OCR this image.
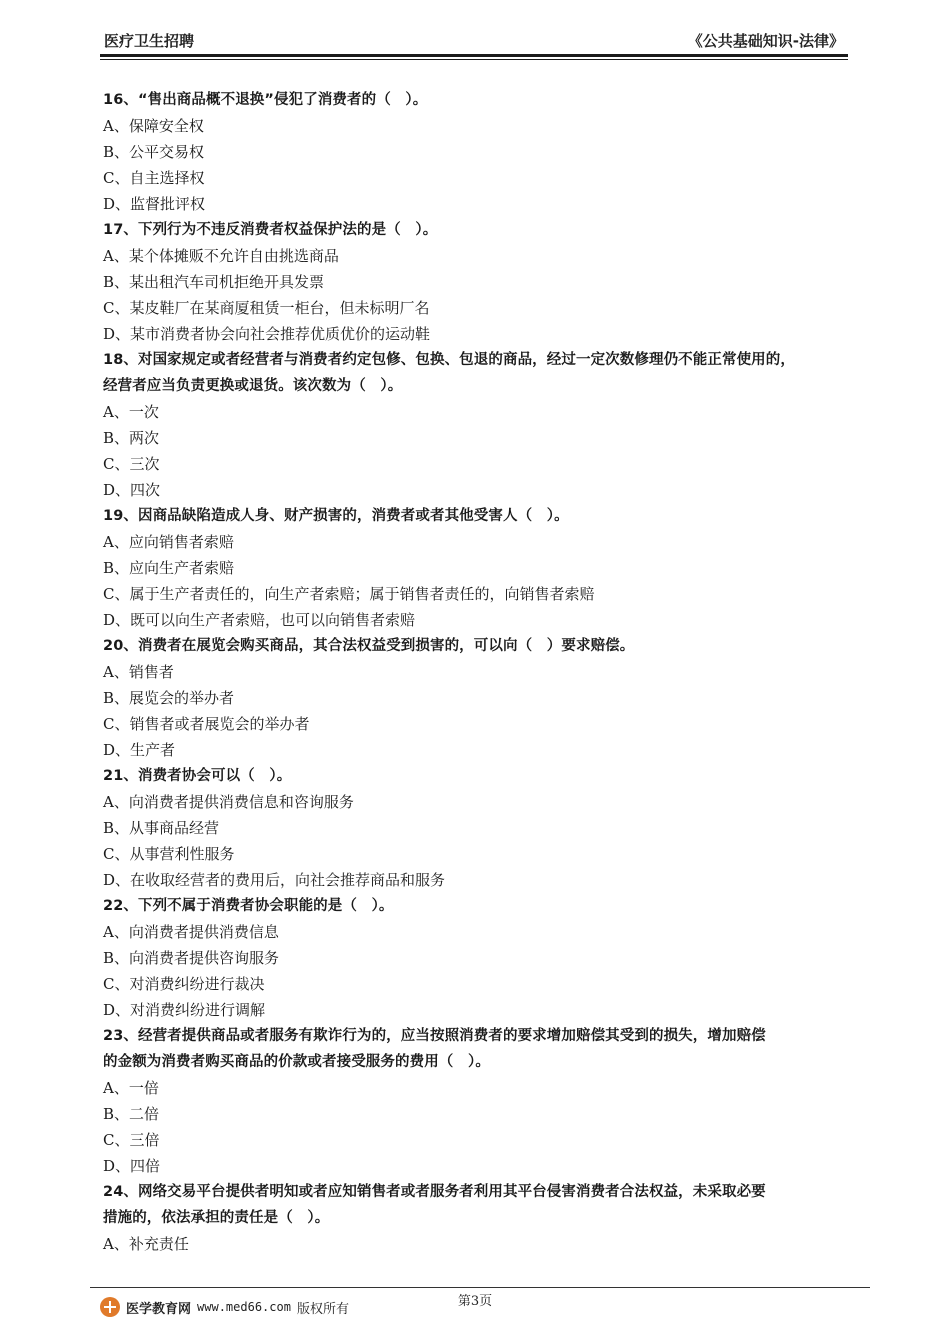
医疗卫生招聘	《公共基础知识-法律》
16、“售出商品概不退换”侵犯了消费者的（　）。
A、保障安全权
B、公平交易权
C、自主选择权
D、监督批评权
17、下列行为不违反消费者权益保护法的是（　）。
A、某个体摊贩不允许自由挑选商品
B、某出租汽车司机拒绝开具发票
C、某皮鞋厂在某商厦租赁一柜台，但未标明厂名
D、某市消费者协会向社会推荐优质优价的运动鞋
18、对国家规定或者经营者与消费者约定包修、包换、包退的商品，经过一定次数修理仍不能正常使用的，
经营者应当负责更换或退货。该次数为（　）。
A、一次
B、两次
C、三次
D、四次
19、因商品缺陷造成人身、财产损害的，消费者或者其他受害人（　）。
A、应向销售者索赔
B、应向生产者索赔
C、属于生产者责任的，向生产者索赔；属于销售者责任的，向销售者索赔
D、既可以向生产者索赔，也可以向销售者索赔
20、消费者在展览会购买商品，其合法权益受到损害的，可以向（　）要求赔偿。
A、销售者
B、展览会的举办者
C、销售者或者展览会的举办者
D、生产者
21、消费者协会可以（　）。
A、向消费者提供消费信息和咨询服务
B、从事商品经营
C、从事营利性服务
D、在收取经营者的费用后，向社会推荐商品和服务
22、下列不属于消费者协会职能的是（　）。
A、向消费者提供消费信息
B、向消费者提供咨询服务
C、对消费纠纷进行裁决
D、对消费纠纷进行调解
23、经营者提供商品或者服务有欺诈行为的，应当按照消费者的要求增加赔偿其受到的损失，增加赔偿
的金额为消费者购买商品的价款或者接受服务的费用（　）。
A、一倍
B、二倍
C、三倍
D、四倍
24、网络交易平台提供者明知或者应知销售者或者服务者利用其平台侵害消费者合法权益，未采取必要
措施的，依法承担的责任是（　）。
A、补充责任
第3页
医学教育网 www.med66.com 版权所有
